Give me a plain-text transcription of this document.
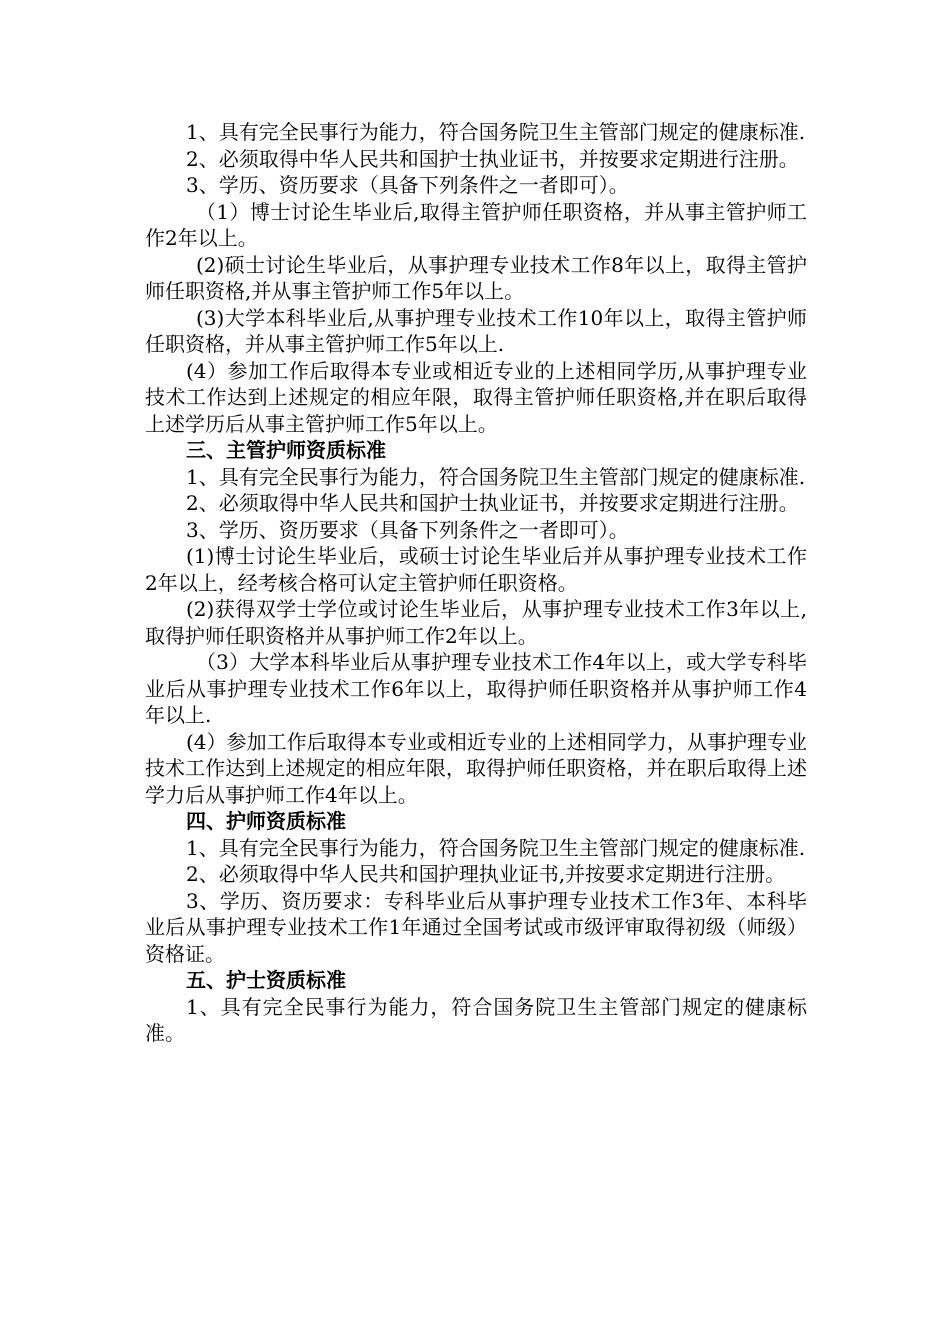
1、具有完全民事行为能力，符合国务院卫生主管部门规定的健康标准.

2、必须取得中华人民共和国护士执业证书，并按要求定期进行注册。

3、学历、资历要求（具备下列条件之一者即可）。

（1）博士讨论生毕业后,取得主管护师任职资格，并从事主管护师工作2年以上。

(2)硕士讨论生毕业后，从事护理专业技术工作8年以上，取得主管护师任职资格,并从事主管护师工作5年以上。

(3)大学本科毕业后,从事护理专业技术工作10年以上，取得主管护师任职资格，并从事主管护师工作5年以上.

(4）参加工作后取得本专业或相近专业的上述相同学历,从事护理专业技术工作达到上述规定的相应年限，取得主管护师任职资格,并在职后取得上述学历后从事主管护师工作5年以上。

三、主管护师资质标准

1、具有完全民事行为能力，符合国务院卫生主管部门规定的健康标准.

2、必须取得中华人民共和国护士执业证书，并按要求定期进行注册。

3、学历、资历要求（具备下列条件之一者即可）。

(1)博士讨论生毕业后，或硕士讨论生毕业后并从事护理专业技术工作2年以上，经考核合格可认定主管护师任职资格。

(2)获得双学士学位或讨论生毕业后，从事护理专业技术工作3年以上,取得护师任职资格并从事护师工作2年以上。

（3）大学本科毕业后从事护理专业技术工作4年以上，或大学专科毕业后从事护理专业技术工作6年以上，取得护师任职资格并从事护师工作4年以上.

(4）参加工作后取得本专业或相近专业的上述相同学力，从事护理专业技术工作达到上述规定的相应年限，取得护师任职资格，并在职后取得上述学力后从事护师工作4年以上。

四、护师资质标准

1、具有完全民事行为能力，符合国务院卫生主管部门规定的健康标准.

2、必须取得中华人民共和国护理执业证书,并按要求定期进行注册。

3、学历、资历要求：专科毕业后从事护理专业技术工作3年、本科毕业后从事护理专业技术工作1年通过全国考试或市级评审取得初级（师级）资格证。

五、护士资质标准

1、具有完全民事行为能力，符合国务院卫生主管部门规定的健康标准。
